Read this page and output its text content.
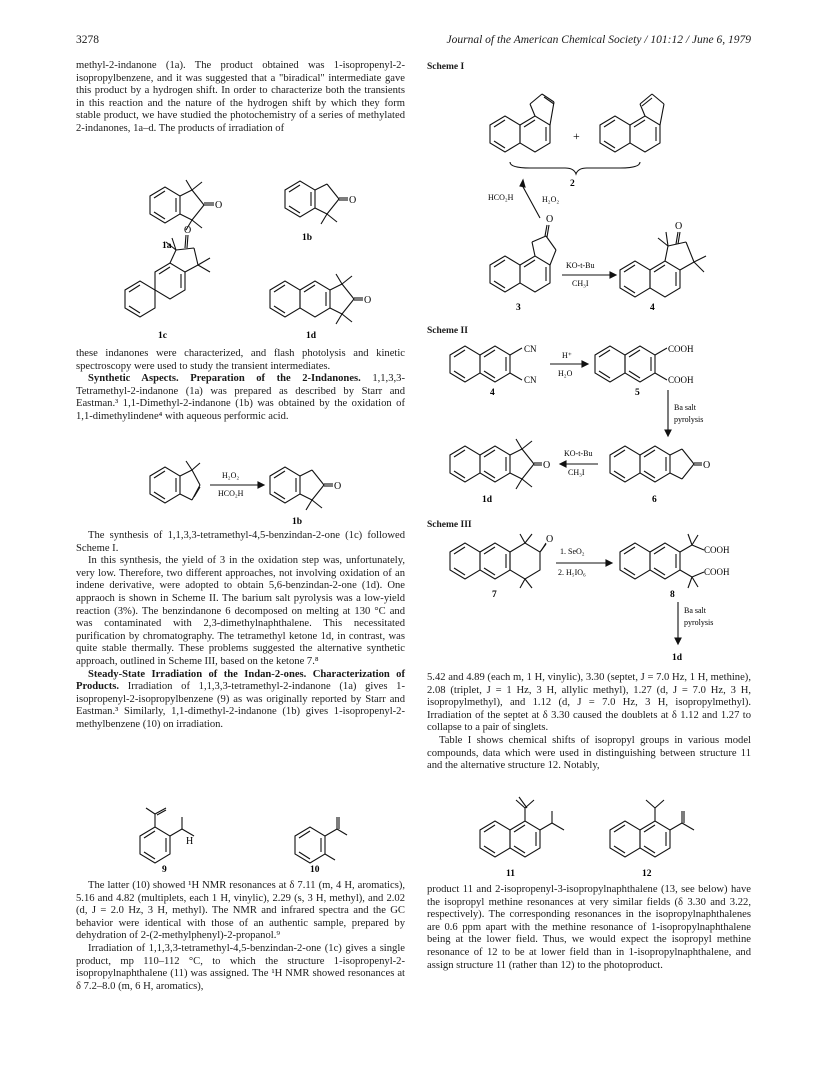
3278	Journal of the American Chemical Society / 101:12 / June 6, 1979

methyl-2-indanone (1a). The product obtained was 1-isopropenyl-2-isopropylbenzene, and it was suggested that a "biradical" intermediate gave this product by a hydrogen shift. In order to characterize both the transients in this reaction and the nature of the hydrogen shift by which they form stable product, we have studied the photochemistry of a series of methylated 2-indanones, 1a–d. The products of irradiation of

O	O
O
O
1a
1b
1c	1d

these indanones were characterized, and flash photolysis and kinetic spectroscopy were used to study the transient intermediates.

Synthetic Aspects. Preparation of the 2-Indanones. 1,1,3,3-Tetramethyl-2-indanone (1a) was prepared as described by Starr and Eastman.³ 1,1-Dimethyl-2-indanone (1b) was obtained by the oxidation of 1,1-dimethylindene⁴ with aqueous performic acid.

H₂O₂
HCO₂H
O
1b

The synthesis of 1,1,3,3-tetramethyl-4,5-benzindan-2-one (1c) followed Scheme I.

In this synthesis, the yield of 3 in the oxidation step was, unfortunately, very low. Therefore, two different approaches, not involving oxidation of an indene derivative, were adopted to obtain 5,6-benzindan-2-one (1d). One appraoch is shown in Scheme II. The barium salt pyrolysis was a low-yield reaction (3%). The benzindanone 6 decomposed on melting at 130 °C and was contaminated with 2,3-dimethylnaphthalene. This necessitated purification by chromatography. The tetramethyl ketone 1d, in contrast, was quite stable thermally. These problems suggested the alternative synthetic approach, outlined in Scheme III, based on the ketone 7.⁸

Steady-State Irradiation of the Indan-2-ones. Characterization of Products. Irradiation of 1,1,3,3-tetramethyl-2-indanone (1a) gives 1-isopropenyl-2-isopropylbenzene (9) as was originally reported by Starr and Eastman.³ Similarly, 1,1-dimethyl-2-indanone (1b) gives 1-isopropenyl-2-methylbenzene (10) on irradiation.

H
9	10

The latter (10) showed ¹H NMR resonances at δ 7.11 (m, 4 H, aromatics), 5.16 and 4.82 (multiplets, each 1 H, vinylic), 2.29 (s, 3 H, methyl), and 2.02 (d, J = 2.0 Hz, 3 H, methyl). The NMR and infrared spectra and the GC behavior were identical with those of an authentic sample, prepared by dehydration of 2-(2-methylphenyl)-2-propanol.⁹

Irradiation of 1,1,3,3-tetramethyl-4,5-benzindan-2-one (1c) gives a single product, mp 110–112 °C, to which the structure 1-isopropenyl-2-isopropylnaphthalene (11) was assigned. The ¹H NMR showed resonances at δ 7.2–8.0 (m, 6 H, aromatics),

Scheme I
+
2
HCO₂H	H₂O₂
O
KO-t-Bu
CH₃I
O
3	4
Scheme II
CN
CN
H⁺
H₂O
COOH
COOH
4	5
Ba salt
pyrolysis
O
KO-t-Bu
CH₃I
O
1d	6
Scheme III
O
1. SeO₂
2. H₅IO₆
COOH
COOH
7	8
Ba salt
pyrolysis
1d

5.42 and 4.89 (each m, 1 H, vinylic), 3.30 (septet, J = 7.0 Hz, 1 H, methine), 2.08 (triplet, J = 1 Hz, 3 H, allylic methyl), 1.27 (d, J = 7.0 Hz, 3 H, isopropylmethyl), and 1.12 (d, J = 7.0 Hz, 3 H, isopropylmethyl). Irradiation of the septet at δ 3.30 caused the doublets at δ 1.12 and 1.27 to collapse to a pair of singlets.

Table I shows chemical shifts of isopropyl groups in various model compounds, data which were used in distinguishing between structure 11 and the alternative structure 12. Notably,

11	12

product 11 and 2-isopropenyl-3-isopropylnaphthalene (13, see below) have the isopropyl methine resonances at very similar fields (δ 3.30 and 3.22, respectively). The corresponding resonances in the isopropylnaphthalenes are 0.6 ppm apart with the methine resonance of 1-isopropylnaphthalene being at the lower field. Thus, we would expect the isopropyl methine resonance of 12 to be at lower field than in 1-isopropylnaphthalene, and assign structure 11 (rather than 12) to the photoproduct.
